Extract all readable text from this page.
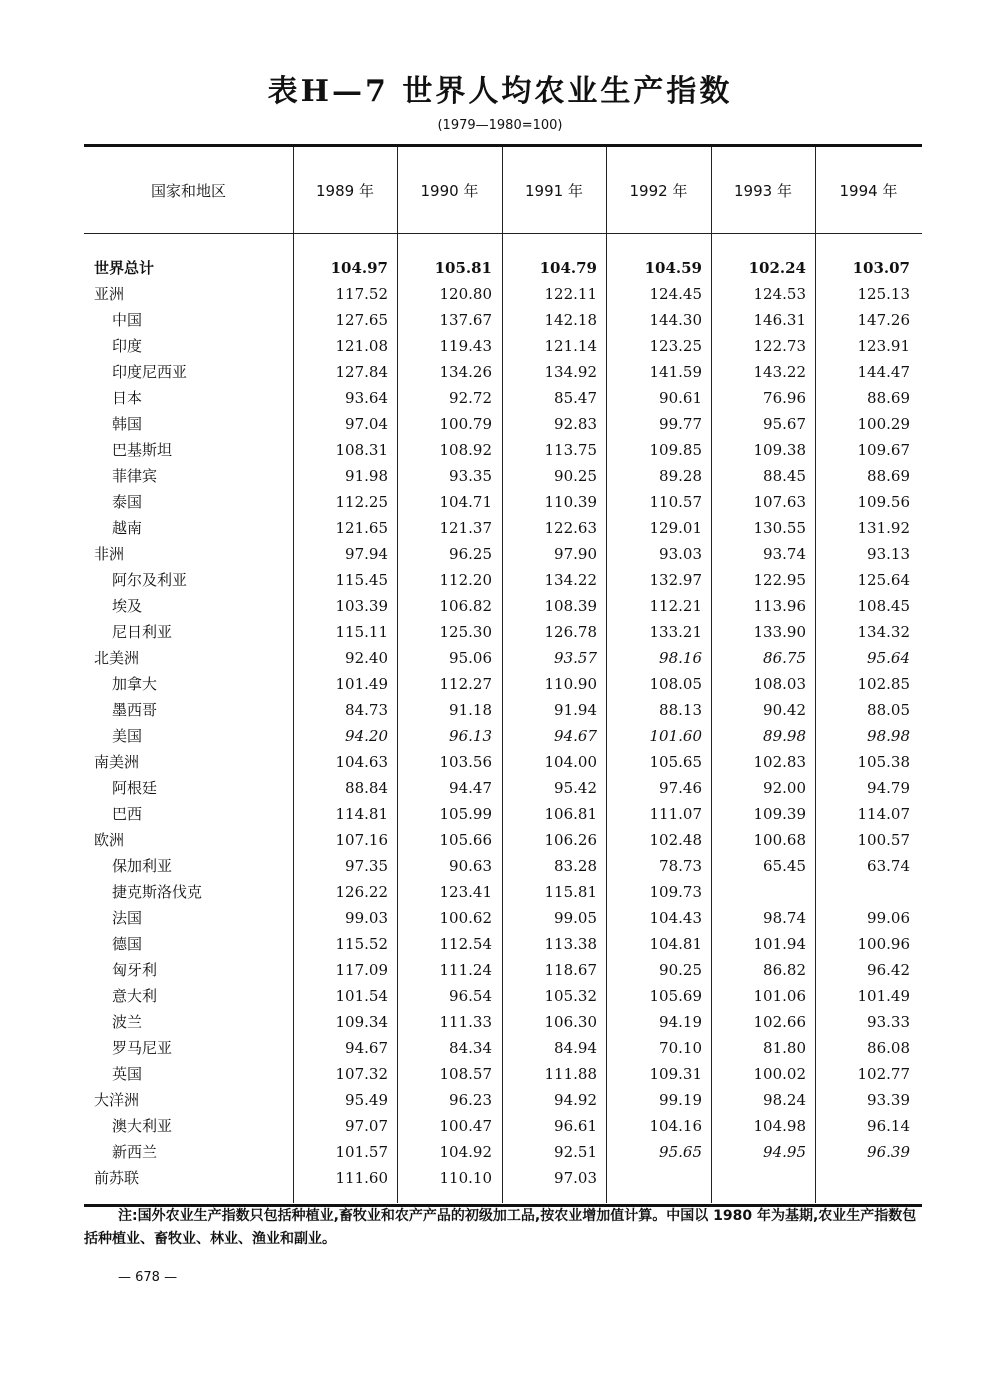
表H—7 世界人均农业生产指数
(1979—1980=100)
国家和地区	1989 年	1990 年	1991 年	1992 年	1993 年	1994 年
世界总计	104.97	105.81	104.79	104.59	102.24	103.07
亚洲	117.52	120.80	122.11	124.45	124.53	125.13
中国	127.65	137.67	142.18	144.30	146.31	147.26
印度	121.08	119.43	121.14	123.25	122.73	123.91
印度尼西亚	127.84	134.26	134.92	141.59	143.22	144.47
日本	93.64	92.72	85.47	90.61	76.96	88.69
韩国	97.04	100.79	92.83	99.77	95.67	100.29
巴基斯坦	108.31	108.92	113.75	109.85	109.38	109.67
菲律宾	91.98	93.35	90.25	89.28	88.45	88.69
泰国	112.25	104.71	110.39	110.57	107.63	109.56
越南	121.65	121.37	122.63	129.01	130.55	131.92
非洲	97.94	96.25	97.90	93.03	93.74	93.13
阿尔及利亚	115.45	112.20	134.22	132.97	122.95	125.64
埃及	103.39	106.82	108.39	112.21	113.96	108.45
尼日利亚	115.11	125.30	126.78	133.21	133.90	134.32
北美洲	92.40	95.06	93.57	98.16	86.75	95.64
加拿大	101.49	112.27	110.90	108.05	108.03	102.85
墨西哥	84.73	91.18	91.94	88.13	90.42	88.05
美国	94.20	96.13	94.67	101.60	89.98	98.98
南美洲	104.63	103.56	104.00	105.65	102.83	105.38
阿根廷	88.84	94.47	95.42	97.46	92.00	94.79
巴西	114.81	105.99	106.81	111.07	109.39	114.07
欧洲	107.16	105.66	106.26	102.48	100.68	100.57
保加利亚	97.35	90.63	83.28	78.73	65.45	63.74
捷克斯洛伐克	126.22	123.41	115.81	109.73
法国	99.03	100.62	99.05	104.43	98.74	99.06
德国	115.52	112.54	113.38	104.81	101.94	100.96
匈牙利	117.09	111.24	118.67	90.25	86.82	96.42
意大利	101.54	96.54	105.32	105.69	101.06	101.49
波兰	109.34	111.33	106.30	94.19	102.66	93.33
罗马尼亚	94.67	84.34	84.94	70.10	81.80	86.08
英国	107.32	108.57	111.88	109.31	100.02	102.77
大洋洲	95.49	96.23	94.92	99.19	98.24	93.39
澳大利亚	97.07	100.47	96.61	104.16	104.98	96.14
新西兰	101.57	104.92	92.51	95.65	94.95	96.39
前苏联	111.60	110.10	97.03
注:国外农业生产指数只包括种植业,畜牧业和农产产品的初级加工品,按农业增加值计算。中国以 1980 年为基期,农业生产指数包括种植业、畜牧业、林业、渔业和副业。
— 678 —
